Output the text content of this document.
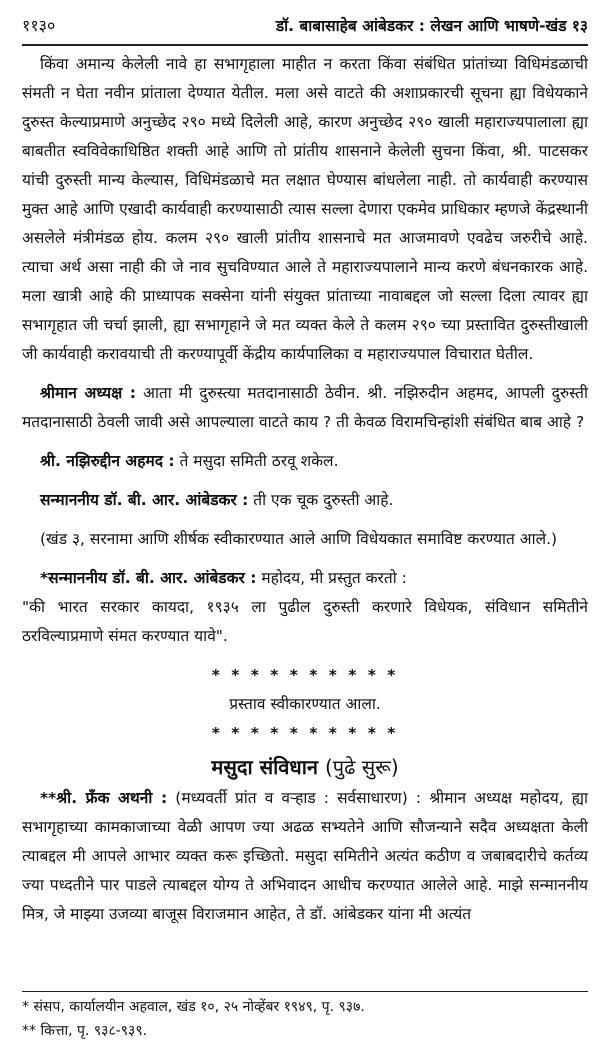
११३०	डॉ. बाबासाहेब आंबेडकर : लेखन आणि भाषणे-खंड १३

किंवा अमान्य केलेली नावे हा सभागृहाला माहीत न करता किंवा संबंधित प्रांतांच्या विधिमंडळाची संमती न घेता नवीन प्रांताला देण्यात येतील. मला असे वाटते की अशाप्रकारची सूचना ह्या विधेयकाने दुरुस्त केल्याप्रमाणे अनुच्छेद २९० मध्ये दिलेली आहे, कारण अनुच्छेद २९० खाली महाराज्यपालाला ह्या बाबतीत स्वविवेकाधिष्ठित शक्ती आहे आणि तो प्रांतीय शासनाने केलेली सुचना किंवा, श्री. पाटसकर यांची दुरुस्ती मान्य केल्यास, विधिमंडळाचे मत लक्षात घेण्यास बांधलेला नाही. तो कार्यवाही करण्यास मुक्त आहे आणि एखादी कार्यवाही करण्यासाठी त्यास सल्ला देणारा एकमेव प्राधिकार म्हणजे केंद्रस्थानी असलेले मंत्रीमंडळ होय. कलम २९० खाली प्रांतीय शासनाचे मत आजमावणे एवढेच जरुरीचे आहे. त्याचा अर्थ असा नाही की जे नाव सुचविण्यात आले ते महाराज्यपालाने मान्य करणे बंधनकारक आहे. मला खात्री आहे की प्राध्यापक सक्सेना यांनी संयुक्त प्रांताच्या नावाबद्दल जो सल्ला दिला त्यावर ह्या सभागृहात जी चर्चा झाली, ह्या सभागृहाने जे मत व्यक्त केले ते कलम २९० च्या प्रस्तावित दुरुस्तीखाली जी कार्यवाही करावयाची ती करण्यापूर्वी केंद्रीय कार्यपालिका व महाराज्यपाल विचारात घेतील.

श्रीमान अध्यक्ष : आता मी दुरुस्त्या मतदानासाठी ठेवीन. श्री. नझिरुदीन अहमद, आपली दुरुस्ती मतदानासाठी ठेवली जावी असे आपल्याला वाटते काय ? ती केवळ विरामचिन्हांशी संबंधित बाब आहे ?

श्री. नझिरुद्दीन अहमद : ते मसुदा समिती ठरवू शकेल.

सन्माननीय डॉ. बी. आर. आंबेडकर : ती एक चूक दुरुस्ती आहे.

(खंड ३, सरनामा आणि शीर्षक स्वीकारण्यात आले आणि विधेयकात समाविष्ट करण्यात आले.)

*सन्माननीय डॉ. बी. आर. आंबेडकर : महोदय, मी प्रस्तुत करतो :

"की भारत सरकार कायदा, १९३५ ला पुढील दुरुस्ती करणारे विधेयक, संविधान समितीने ठरविल्याप्रमाणे संमत करण्यात यावे".

* * * * * * * * * *

प्रस्ताव स्वीकारण्यात आला.

* * * * * * * * * *

मसुदा संविधान (पुढे सुरू)

**श्री. फ्रँक अथनी : (मध्यवर्ती प्रांत व वऱ्हाड : सर्वसाधारण) : श्रीमान अध्यक्ष महोदय, ह्या सभागृहाच्या कामकाजाच्या वेळी आपण ज्या अढळ सभ्यतेने आणि सौजन्याने सदैव अध्यक्षता केली त्याबद्दल मी आपले आभार व्यक्त करू इच्छितो. मसुदा समितीने अत्यंत कठीण व जबाबदारीचे कर्तव्य ज्या पध्दतीने पार पाडले त्याबद्दल योग्य ते अभिवादन आधीच करण्यात आलेले आहे. माझे सन्माननीय मित्र, जे माझ्या उजव्या बाजूस विराजमान आहेत, ते डॉ. आंबेडकर यांना मी अत्यंत

* संसप, कार्यालयीन अहवाल, खंड १०, २५ नोव्हेंबर १९४९, पृ. ९३७.
** कित्ता, पृ. ९३८-९३९.
